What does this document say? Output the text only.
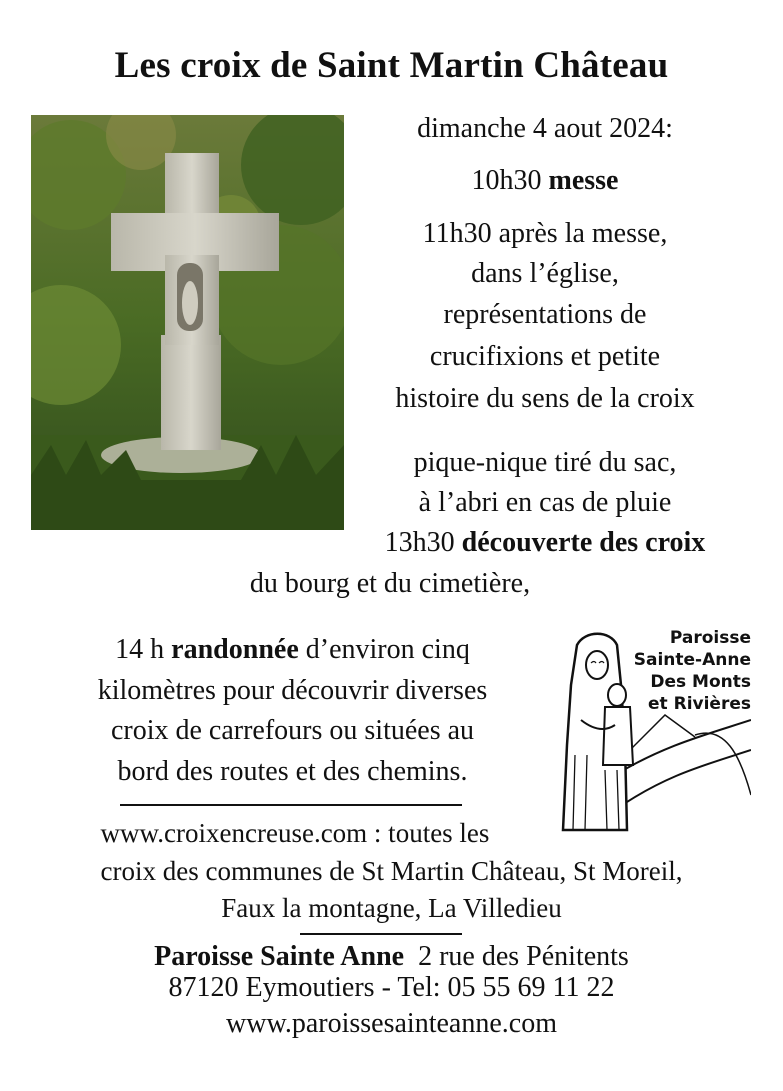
Les croix de Saint Martin Château
dimanche 4 aout 2024:
10h30 messe
11h30 après la messe,
dans l’église,
représentations de
crucifixions et petite
histoire du sens de la croix
pique-nique tiré du sac,
à l’abri en cas de pluie
13h30 découverte des croix
du bourg et du cimetière,
14 h randonnée d’environ cinq
kilomètres pour découvrir diverses
croix de carrefours ou situées au
bord des routes et des chemins.
Paroisse
Sainte-Anne
Des Monts
et Rivières
www.croixencreuse.com : toutes les
croix des communes de St Martin Château, St Moreil,
Faux la montagne, La Villedieu
Paroisse Sainte Anne 2 rue des Pénitents
87120 Eymoutiers - Tel: 05 55 69 11 22
www.paroissesainteanne.com
